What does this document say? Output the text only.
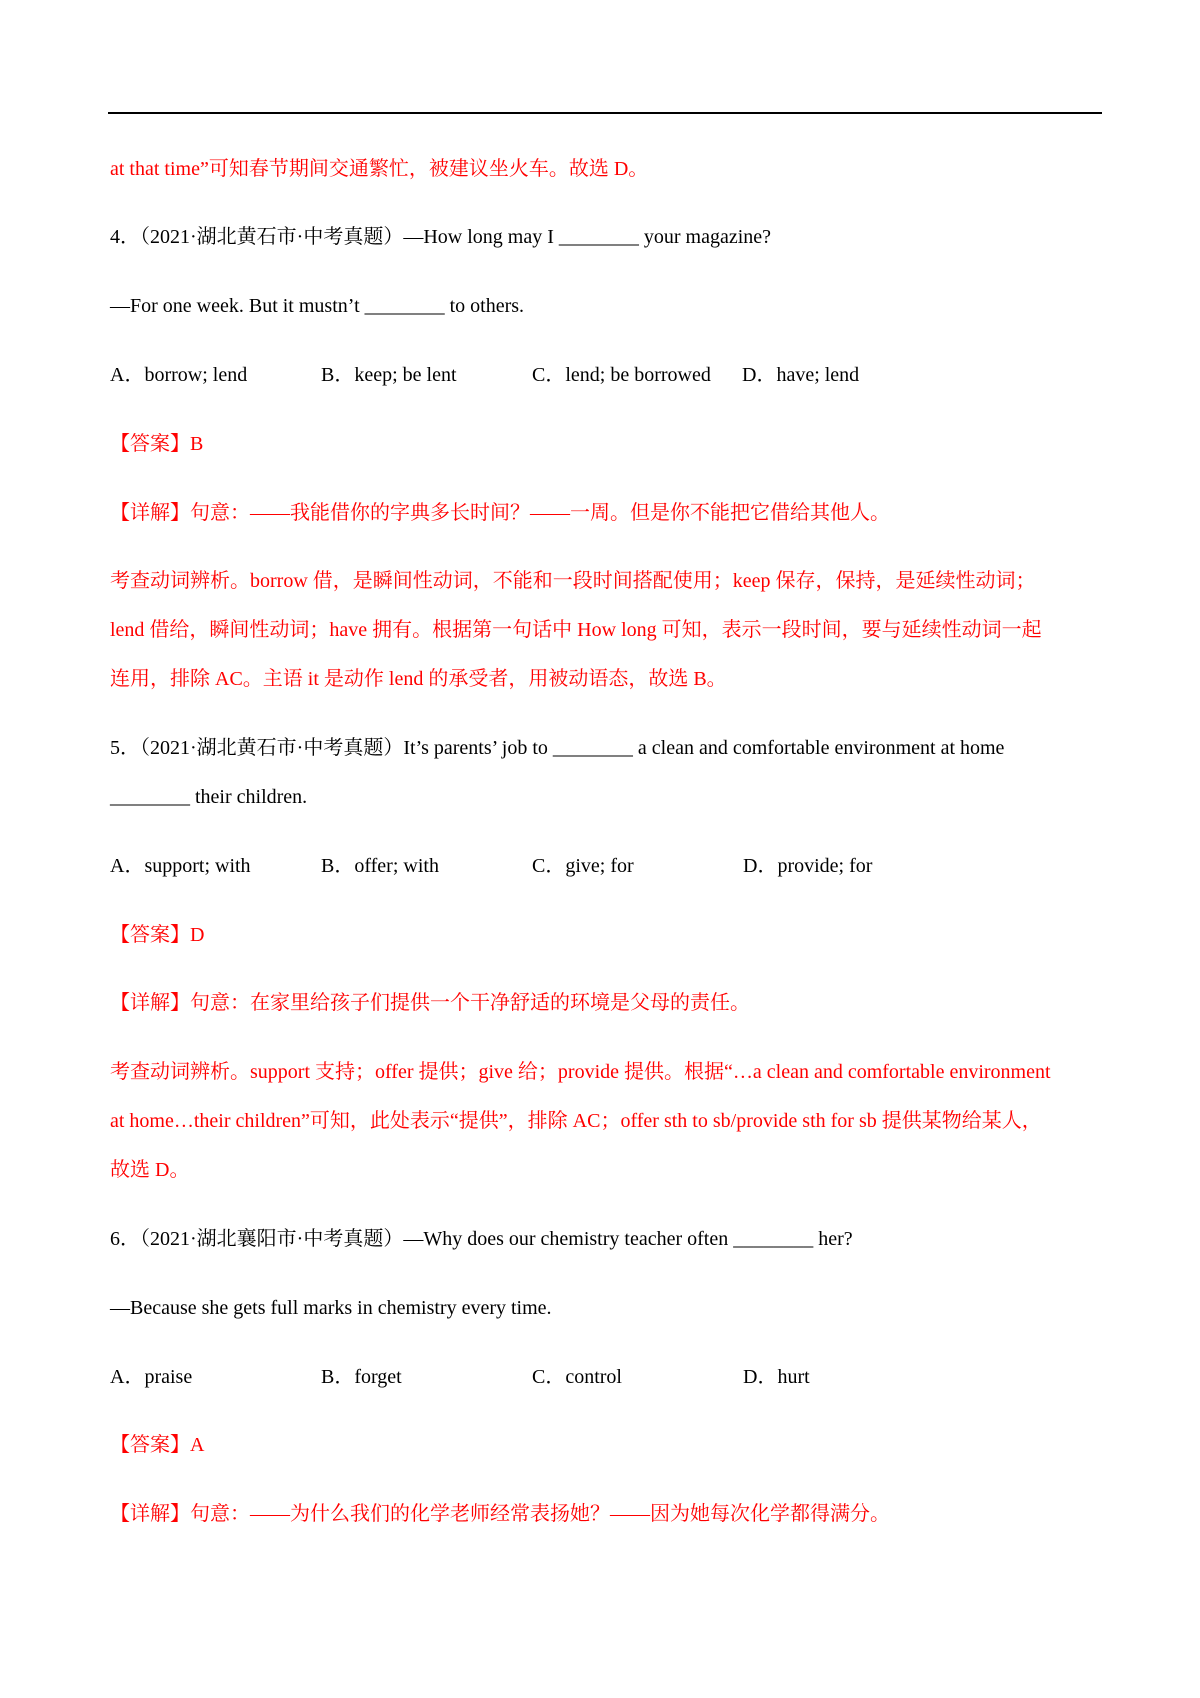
at that time”可知春节期间交通繁忙，被建议坐火车。故选 D。
4．（2021·湖北黄石市·中考真题）—How long may I ________ your magazine?
—For one week. But it mustn’t ________ to others.
A．borrow; lend	B．keep; be lent	C．lend; be borrowed	D．have; lend
【答案】B
【详解】句意：——我能借你的字典多长时间？——一周。但是你不能把它借给其他人。
考查动词辨析。borrow 借，是瞬间性动词，不能和一段时间搭配使用；keep 保存，保持，是延续性动词；
lend 借给，瞬间性动词；have 拥有。根据第一句话中 How long 可知，表示一段时间，要与延续性动词一起
连用，排除 AC。主语 it 是动作 lend 的承受者，用被动语态，故选 B。
5．（2021·湖北黄石市·中考真题）It’s parents’ job to ________ a clean and comfortable environment at home
________ their children.
A．support; with	B．offer; with	C．give; for	D．provide; for
【答案】D
【详解】句意：在家里给孩子们提供一个干净舒适的环境是父母的责任。
考查动词辨析。support 支持；offer 提供；give 给；provide 提供。根据“…a clean and comfortable environment
at home…their children”可知，此处表示“提供”，排除 AC；offer sth to sb/provide sth for sb 提供某物给某人，
故选 D。
6．（2021·湖北襄阳市·中考真题）—Why does our chemistry teacher often ________ her?
—Because she gets full marks in chemistry every time.
A．praise	B．forget	C．control	D．hurt
【答案】A
【详解】句意：——为什么我们的化学老师经常表扬她？——因为她每次化学都得满分。
